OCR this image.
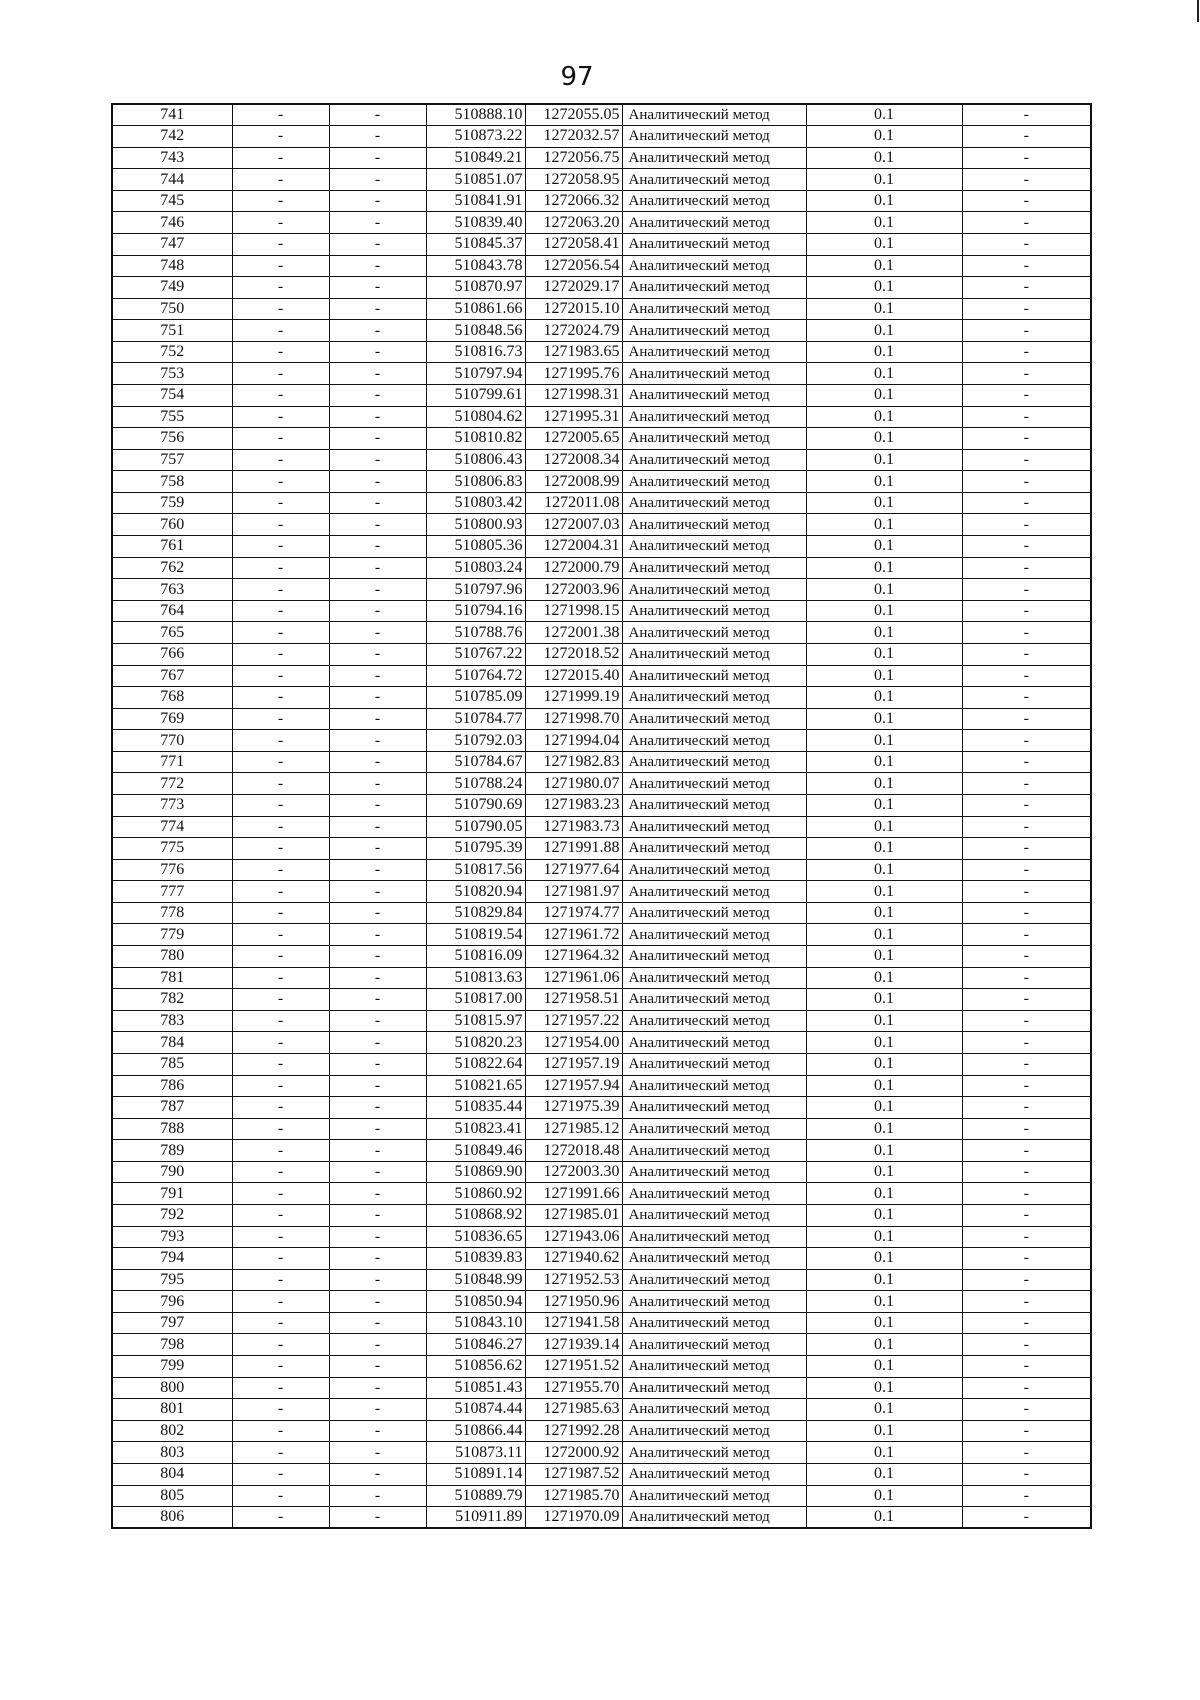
97
741	-	-	510888.10	1272055.05	Аналитический метод	0.1	-
742	-	-	510873.22	1272032.57	Аналитический метод	0.1	-
743	-	-	510849.21	1272056.75	Аналитический метод	0.1	-
744	-	-	510851.07	1272058.95	Аналитический метод	0.1	-
745	-	-	510841.91	1272066.32	Аналитический метод	0.1	-
746	-	-	510839.40	1272063.20	Аналитический метод	0.1	-
747	-	-	510845.37	1272058.41	Аналитический метод	0.1	-
748	-	-	510843.78	1272056.54	Аналитический метод	0.1	-
749	-	-	510870.97	1272029.17	Аналитический метод	0.1	-
750	-	-	510861.66	1272015.10	Аналитический метод	0.1	-
751	-	-	510848.56	1272024.79	Аналитический метод	0.1	-
752	-	-	510816.73	1271983.65	Аналитический метод	0.1	-
753	-	-	510797.94	1271995.76	Аналитический метод	0.1	-
754	-	-	510799.61	1271998.31	Аналитический метод	0.1	-
755	-	-	510804.62	1271995.31	Аналитический метод	0.1	-
756	-	-	510810.82	1272005.65	Аналитический метод	0.1	-
757	-	-	510806.43	1272008.34	Аналитический метод	0.1	-
758	-	-	510806.83	1272008.99	Аналитический метод	0.1	-
759	-	-	510803.42	1272011.08	Аналитический метод	0.1	-
760	-	-	510800.93	1272007.03	Аналитический метод	0.1	-
761	-	-	510805.36	1272004.31	Аналитический метод	0.1	-
762	-	-	510803.24	1272000.79	Аналитический метод	0.1	-
763	-	-	510797.96	1272003.96	Аналитический метод	0.1	-
764	-	-	510794.16	1271998.15	Аналитический метод	0.1	-
765	-	-	510788.76	1272001.38	Аналитический метод	0.1	-
766	-	-	510767.22	1272018.52	Аналитический метод	0.1	-
767	-	-	510764.72	1272015.40	Аналитический метод	0.1	-
768	-	-	510785.09	1271999.19	Аналитический метод	0.1	-
769	-	-	510784.77	1271998.70	Аналитический метод	0.1	-
770	-	-	510792.03	1271994.04	Аналитический метод	0.1	-
771	-	-	510784.67	1271982.83	Аналитический метод	0.1	-
772	-	-	510788.24	1271980.07	Аналитический метод	0.1	-
773	-	-	510790.69	1271983.23	Аналитический метод	0.1	-
774	-	-	510790.05	1271983.73	Аналитический метод	0.1	-
775	-	-	510795.39	1271991.88	Аналитический метод	0.1	-
776	-	-	510817.56	1271977.64	Аналитический метод	0.1	-
777	-	-	510820.94	1271981.97	Аналитический метод	0.1	-
778	-	-	510829.84	1271974.77	Аналитический метод	0.1	-
779	-	-	510819.54	1271961.72	Аналитический метод	0.1	-
780	-	-	510816.09	1271964.32	Аналитический метод	0.1	-
781	-	-	510813.63	1271961.06	Аналитический метод	0.1	-
782	-	-	510817.00	1271958.51	Аналитический метод	0.1	-
783	-	-	510815.97	1271957.22	Аналитический метод	0.1	-
784	-	-	510820.23	1271954.00	Аналитический метод	0.1	-
785	-	-	510822.64	1271957.19	Аналитический метод	0.1	-
786	-	-	510821.65	1271957.94	Аналитический метод	0.1	-
787	-	-	510835.44	1271975.39	Аналитический метод	0.1	-
788	-	-	510823.41	1271985.12	Аналитический метод	0.1	-
789	-	-	510849.46	1272018.48	Аналитический метод	0.1	-
790	-	-	510869.90	1272003.30	Аналитический метод	0.1	-
791	-	-	510860.92	1271991.66	Аналитический метод	0.1	-
792	-	-	510868.92	1271985.01	Аналитический метод	0.1	-
793	-	-	510836.65	1271943.06	Аналитический метод	0.1	-
794	-	-	510839.83	1271940.62	Аналитический метод	0.1	-
795	-	-	510848.99	1271952.53	Аналитический метод	0.1	-
796	-	-	510850.94	1271950.96	Аналитический метод	0.1	-
797	-	-	510843.10	1271941.58	Аналитический метод	0.1	-
798	-	-	510846.27	1271939.14	Аналитический метод	0.1	-
799	-	-	510856.62	1271951.52	Аналитический метод	0.1	-
800	-	-	510851.43	1271955.70	Аналитический метод	0.1	-
801	-	-	510874.44	1271985.63	Аналитический метод	0.1	-
802	-	-	510866.44	1271992.28	Аналитический метод	0.1	-
803	-	-	510873.11	1272000.92	Аналитический метод	0.1	-
804	-	-	510891.14	1271987.52	Аналитический метод	0.1	-
805	-	-	510889.79	1271985.70	Аналитический метод	0.1	-
806	-	-	510911.89	1271970.09	Аналитический метод	0.1	-
